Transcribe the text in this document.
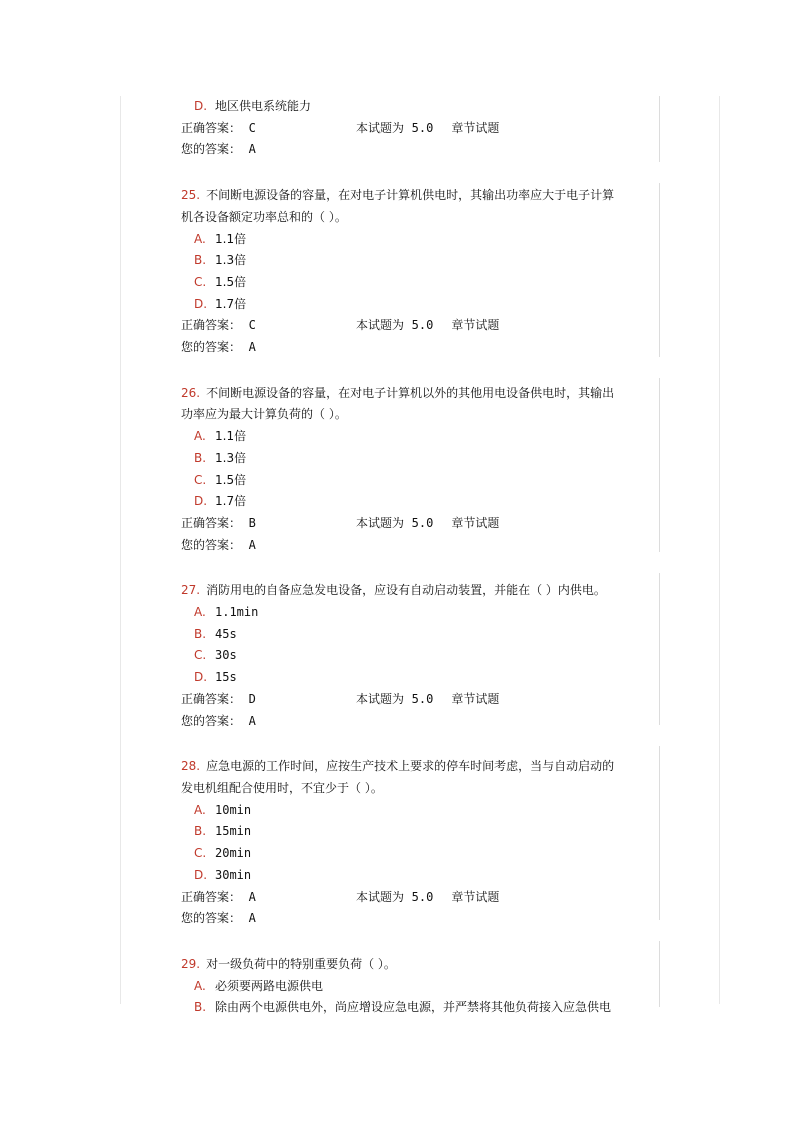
D. 地区供电系统能力
正确答案： C	本试题为 5.0 章节试题
您的答案： A
25. 不间断电源设备的容量，在对电子计算机供电时，其输出功率应大于电子计算
机各设备额定功率总和的（ ）。
A. 1.1倍
B. 1.3倍
C. 1.5倍
D. 1.7倍
正确答案： C	本试题为 5.0 章节试题
您的答案： A
26. 不间断电源设备的容量，在对电子计算机以外的其他用电设备供电时，其输出
功率应为最大计算负荷的（ ）。
A. 1.1倍
B. 1.3倍
C. 1.5倍
D. 1.7倍
正确答案： B	本试题为 5.0 章节试题
您的答案： A
27. 消防用电的自备应急发电设备，应设有自动启动装置，并能在（ ）内供电。
A. 1.1min
B. 45s
C. 30s
D. 15s
正确答案： D	本试题为 5.0 章节试题
您的答案： A
28. 应急电源的工作时间，应按生产技术上要求的停车时间考虑，当与自动启动的
发电机组配合使用时，不宜少于（ ）。
A. 10min
B. 15min
C. 20min
D. 30min
正确答案： A	本试题为 5.0 章节试题
您的答案： A
29. 对一级负荷中的特别重要负荷（ ）。
A. 必须要两路电源供电
B. 除由两个电源供电外，尚应增设应急电源，并严禁将其他负荷接入应急供电
